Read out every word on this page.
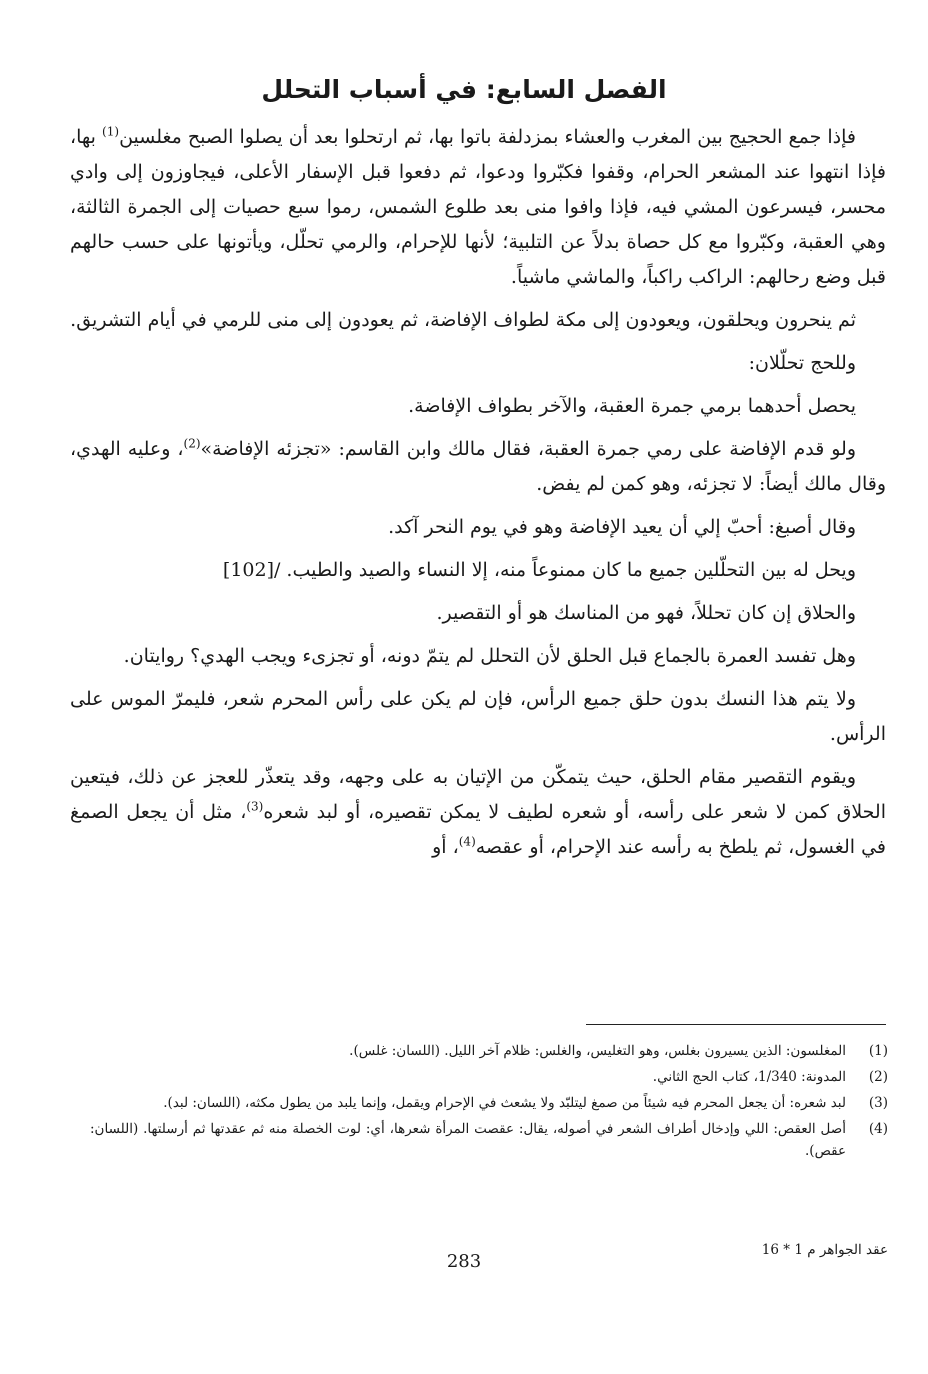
الفصل السابع: في أسباب التحلل

فإذا جمع الحجيج بين المغرب والعشاء بمزدلفة باتوا بها، ثم ارتحلوا بعد أن يصلوا الصبح مغلسين$^{(1)}$ بها، فإذا انتهوا عند المشعر الحرام، وقفوا فكبّروا ودعوا، ثم دفعوا قبل الإسفار الأعلى، فيجاوزون إلى وادي محسر، فيسرعون المشي فيه، فإذا وافوا منى بعد طلوع الشمس، رموا سبع حصيات إلى الجمرة الثالثة، وهي العقبة، وكبّروا مع كل حصاة بدلاً عن التلبية؛ لأنها للإحرام، والرمي تحلّل، ويأتونها على حسب حالهم قبل وضع رحالهم: الراكب راكباً، والماشي ماشياً.

ثم ينحرون ويحلقون، ويعودون إلى مكة لطواف الإفاضة، ثم يعودون إلى منى للرمي في أيام التشريق.

وللحج تحلّلان:

يحصل أحدهما برمي جمرة العقبة، والآخر بطواف الإفاضة.

ولو قدم الإفاضة على رمي جمرة العقبة، فقال مالك وابن القاسم: «تجزئه الإفاضة»$^{(2)}$، وعليه الهدي، وقال مالك أيضاً: لا تجزئه، وهو كمن لم يفض.

وقال أصبغ: أحبّ إلي أن يعيد الإفاضة وهو في يوم النحر آكد.

ويحل له بين التحلّلين جميع ما كان ممنوعاً منه، إلا النساء والصيد والطيب. /[102]

والحلاق إن كان تحللاً، فهو من المناسك هو أو التقصير.

وهل تفسد العمرة بالجماع قبل الحلق لأن التحلل لم يتمّ دونه، أو تجزىء ويجب الهدي؟ روايتان.

ولا يتم هذا النسك بدون حلق جميع الرأس، فإن لم يكن على رأس المحرم شعر، فليمرّ الموس على الرأس.

ويقوم التقصير مقام الحلق، حيث يتمكّن من الإتيان به على وجهه، وقد يتعذّر للعجز عن ذلك، فيتعين الحلاق كمن لا شعر على رأسه، أو شعره لطيف لا يمكن تقصيره، أو لبد شعره$^{(3)}$، مثل أن يجعل الصمغ في الغسول، ثم يلطخ به رأسه عند الإحرام، أو عقصه$^{(4)}$، أو

(1)
المغلسون: الذين يسيرون بغلس، وهو التغليس، والغلس: ظلام آخر الليل. (اللسان: غلس).
(2)
المدونة: 1/340، كتاب الحج الثاني.
(3)
لبد شعره: أن يجعل المحرم فيه شيئاً من صمغ ليتلبّد ولا يشعث في الإحرام ويقمل، وإنما يلبد من يطول مكثه، (اللسان: لبد).
(4)
أصل العقص: اللي وإدخال أطراف الشعر في أصوله، يقال: عقصت المرأة شعرها، أي: لوت الخصلة منه ثم عقدتها ثم أرسلتها. (اللسان: عقص).
عقد الجواهر م 1 * 16
283
